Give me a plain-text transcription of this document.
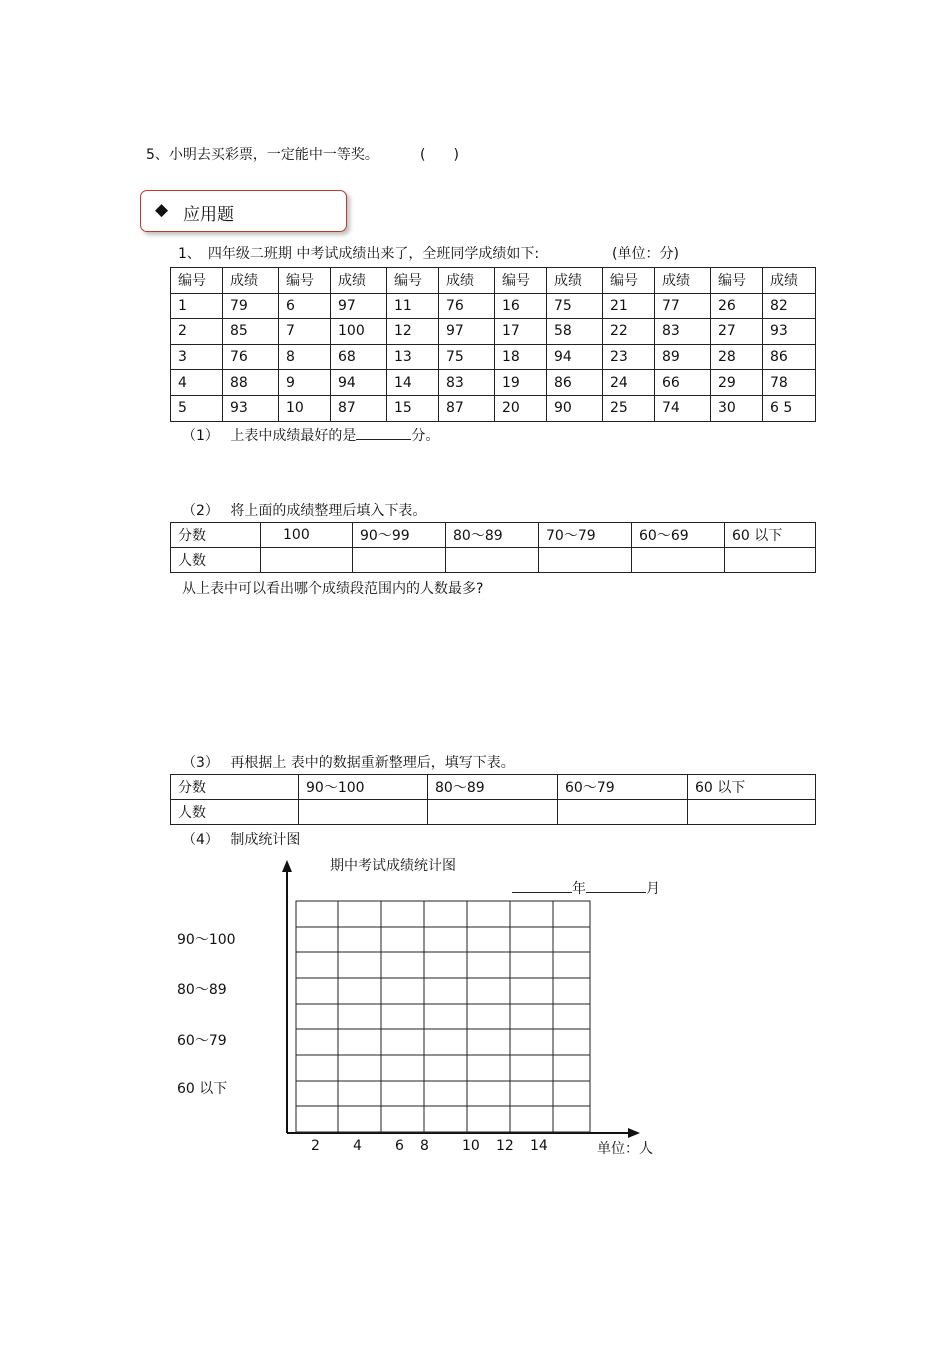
5、小明去买彩票，一定能中一等奖。	(　　)
◆ 应用题
1、　四年级二班期 中考试成绩出来了，全班同学成绩如下:	(单位：分)
编号	成绩	编号	成绩	编号	成绩	编号	成绩	编号	成绩	编号	成绩
1	79	6	97	11	76	16	75	21	77	26	82
2	85	7	100	12	97	17	58	22	83	27	93
3	76	8	68	13	75	18	94	23	89	28	86
4	88	9	94	14	83	19	86	24	66	29	78
5	93	10	87	15	87	20	90	25	74	30	6 5
（1）　 上表中成绩最好的是	分。
（2）　 将上面的成绩整理后填入下表。
分数	100	90～99	80～89	70～79	60～69	60 以下
人数						
从上表中可以看出哪个成绩段范围内的人数最多?
（3）　 再根据上 表中的数据重新整理后，填写下表。
分数	90～100	80～89	60～79	60 以下
人数				
（4）　 制成统计图
期中考试成绩统计图
年	月
90～100
80～89
60～79
60 以下
2 4 6 8 10 12 14	单位：人
